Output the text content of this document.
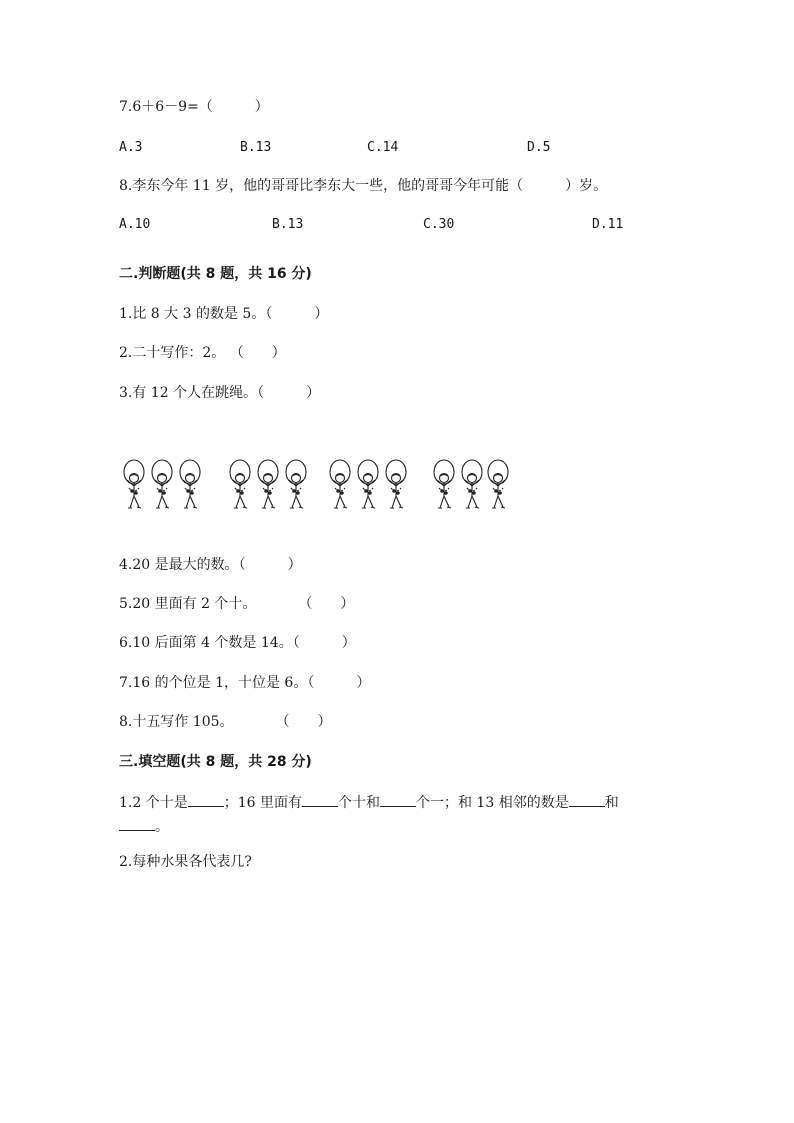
7.6＋6－9=（　　　）
A.3	B.13	C.14	D.5
8.李东今年 11 岁，他的哥哥比李东大一些，他的哥哥今年可能（　　　）岁。
A.10	B.13	C.30	D.11
二.判断题(共 8 题，共 16 分)
1.比 8 大 3 的数是 5。（　　　）
2.二十写作：2。 （　　）
3.有 12 个人在跳绳。（　　　）
4.20 是最大的数。（　　　）
5.20 里面有 2 个十。　　　　（　　）
6.10 后面第 4 个数是 14。（　　　）
7.16 的个位是 1，十位是 6。（　　　）
8.十五写作 105。　　　　（　　）
三.填空题(共 8 题，共 28 分)
1.2 个十是	；16 里面有	个十和	个一；和 13 相邻的数是	和
。
2.每种水果各代表几?
